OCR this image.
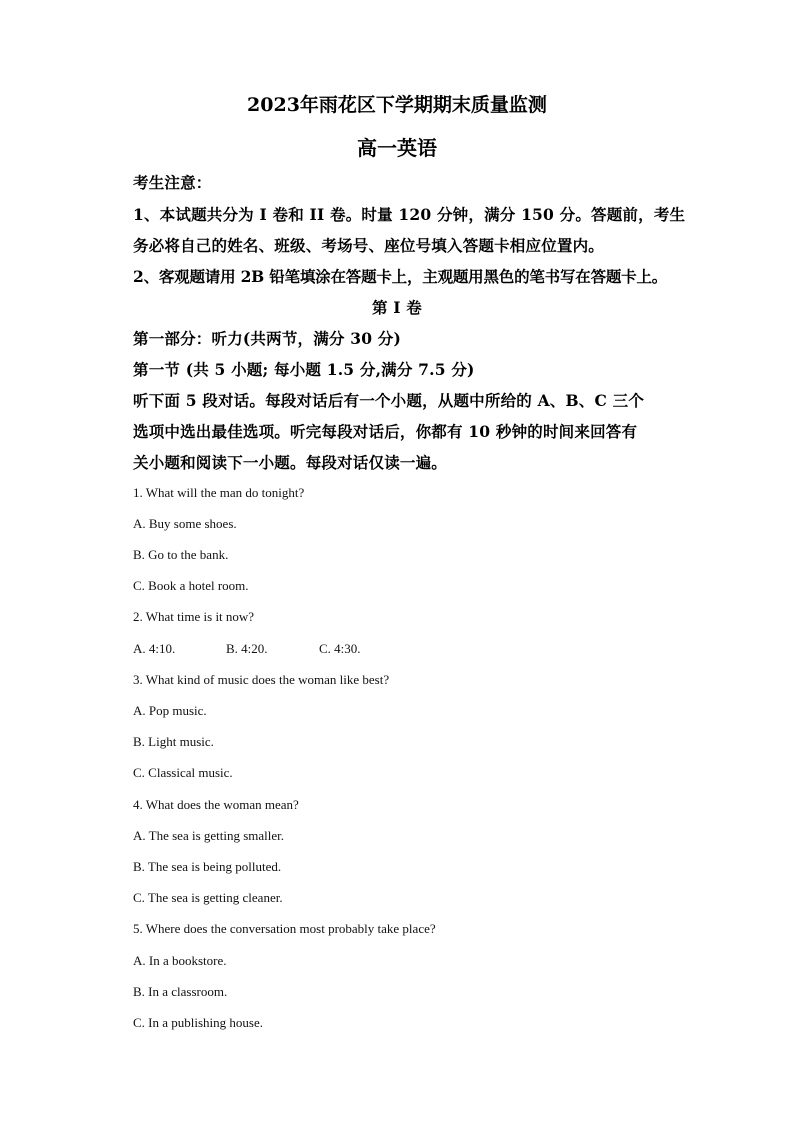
2023年雨花区下学期期末质量监测
高一英语
考生注意：
1、本试题共分为 I 卷和 II 卷。时量 120 分钟，满分 150 分。答题前，考生
务必将自己的姓名、班级、考场号、座位号填入答题卡相应位置内。
2、客观题请用 2B 铅笔填涂在答题卡上，主观题用黑色的笔书写在答题卡上。
第 I 卷
第一部分：听力(共两节，满分 30 分)
第一节 (共 5 小题; 每小题 1.5 分,满分 7.5 分)
听下面 5 段对话。每段对话后有一个小题，从题中所给的 A、B、C 三个
选项中选出最佳选项。听完每段对话后，你都有 10 秒钟的时间来回答有
关小题和阅读下一小题。每段对话仅读一遍。
1. What will the man do tonight?
A. Buy some shoes.
B. Go to the bank.
C. Book a hotel room.
2. What time is it now?
A. 4:10.	B. 4:20.	C. 4:30.
3. What kind of music does the woman like best?
A. Pop music.
B. Light music.
C. Classical music.
4. What does the woman mean?
A. The sea is getting smaller.
B. The sea is being polluted.
C. The sea is getting cleaner.
5. Where does the conversation most probably take place?
A. In a bookstore.
B. In a classroom.
C. In a publishing house.
